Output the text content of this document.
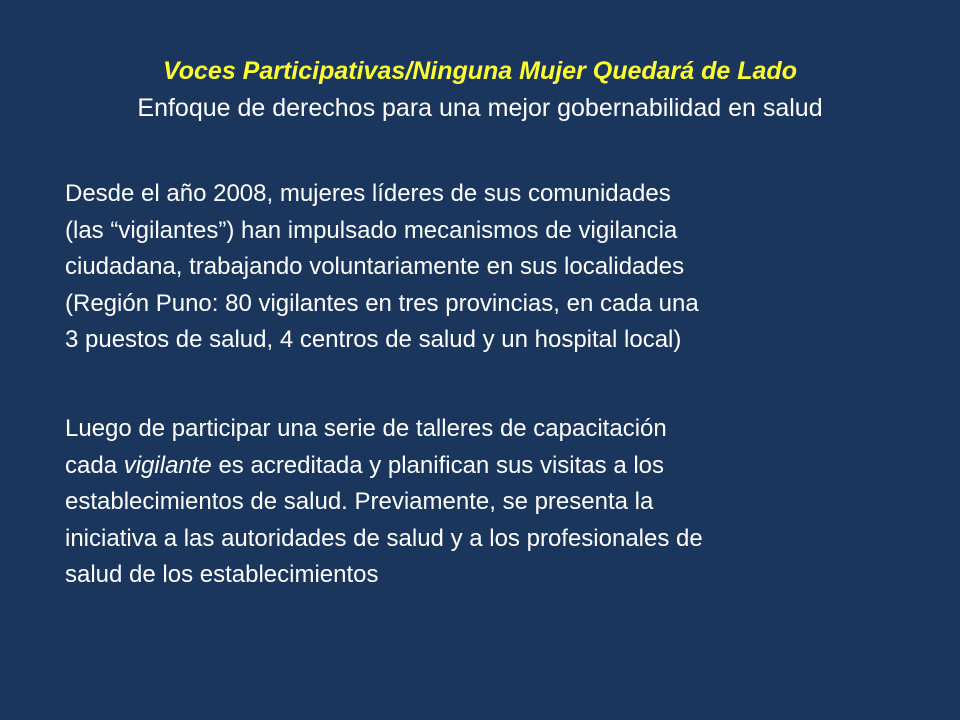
Voces Participativas/Ninguna Mujer Quedará de Lado
Enfoque de derechos para una mejor gobernabilidad en salud
Desde el año 2008, mujeres líderes de sus comunidades
(las “vigilantes”) han impulsado mecanismos de vigilancia
ciudadana, trabajando voluntariamente en sus localidades
(Región Puno: 80 vigilantes en tres provincias, en cada una
3 puestos de salud, 4 centros de salud y un hospital local)
Luego de participar una serie de talleres de capacitación
cada vigilante es acreditada y planifican sus visitas a los
establecimientos de salud. Previamente, se presenta la
iniciativa a las autoridades de salud y a los profesionales de
salud de los establecimientos
